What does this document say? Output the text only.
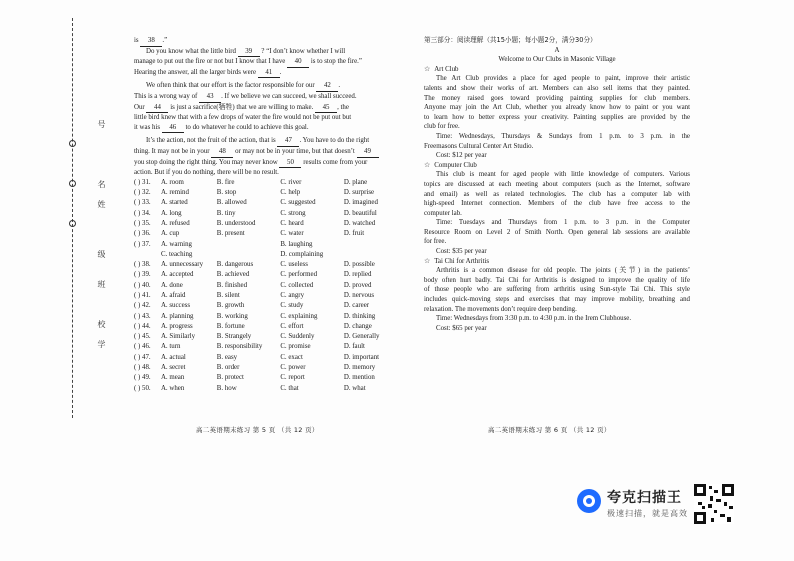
号
名
姓
级
班
校
学
is 38 .”
Do you know what the little bird 39 ? “I don’t know whether I will
manage to put out the fire or not but I know that I have 40 is to stop the fire.”
Hearing the answer, all the larger birds were 41 .
We often think that our effort is the factor responsible for our 42 .
This is a wrong way of 43 . If we believe we can succeed, we shall succeed.
Our 44 is just a sacrifice(牺牲) that we are willing to make. 45 , the
little bird knew that with a few drops of water the fire would not be put out but
it was his 46 to do whatever he could to achieve this goal.
It’s the action, not the fruit of the action, that is 47 . You have to do the right
thing. It may not be in your 48 or may not be in your time, but that doesn’t 49
you stop doing the right thing. You may never know 50 results come from your
action. But if you do nothing, there will be no result.
( ) 31.	A. room	B. fire	C. river	D. plane
( ) 32.	A. remind	B. stop	C. help	D. surprise
( ) 33.	A. started	B. allowed	C. suggested	D. imagined
( ) 34.	A. long	B. tiny	C. strong	D. beautiful
( ) 35.	A. refused	B. understood	C. heard	D. watched
( ) 36.	A. cup	B. present	C. water	D. fruit
( ) 37.	A. warning	B. laughing
C. teaching	D. complaining
( ) 38.	A. unnecessary	B. dangerous	C. useless	D. possible
( ) 39.	A. accepted	B. achieved	C. performed	D. replied
( ) 40.	A. done	B. finished	C. collected	D. proved
( ) 41.	A. afraid	B. silent	C. angry	D. nervous
( ) 42.	A. success	B. growth	C. study	D. career
( ) 43.	A. planning	B. working	C. explaining	D. thinking
( ) 44.	A. progress	B. fortune	C. effort	D. change
( ) 45.	A. Similarly	B. Strangely	C. Suddenly	D. Generally
( ) 46.	A. turn	B. responsibility	C. promise	D. fault
( ) 47.	A. actual	B. easy	C. exact	D. important
( ) 48.	A. secret	B. order	C. power	D. memory
( ) 49.	A. mean	B. protect	C. report	D. mention
( ) 50.	A. when	B. how	C. that	D. what
高二英语期末练习 第 5 页 （共 12 页）
第三部分：阅读理解（共15小题；每小题2分，满分30分）
A
Welcome to Our Clubs in Masonic Village
☆ Art Club
The Art Club provides a place for aged people to paint, improve their artistic
talents and show their works of art. Members can also sell items that they painted.
The money raised goes toward providing painting supplies for club members.
Anyone may join the Art Club, whether you already know how to paint or you want
to learn how to better express your creativity. Painting supplies are provided by the
club for free.
Time: Wednesdays, Thursdays & Sundays from 1 p.m. to 3 p.m. in the
Freemasons Cultural Center Art Studio.
Cost: $12 per year
☆ Computer Club
This club is meant for aged people with little knowledge of computers. Various
topics are discussed at each meeting about computers (such as the Internet, software
and email) as well as related technologies. The club has a computer lab with
high-speed Internet connection. Members of the club have free access to the
computer lab.
Time: Tuesdays and Thursdays from 1 p.m. to 3 p.m. in the Computer
Resource Room on Level 2 of Smith North. Open general lab sessions are available
for free.
Cost: $35 per year
☆ Tai Chi for Arthritis
Arthritis is a common disease for old people. The joints (关节) in the patients’
body often hurt badly. Tai Chi for Arthritis is designed to improve the quality of life
of those people who are suffering from arthritis using Sun-style Tai Chi. This style
includes quick-moving steps and exercises that may improve mobility, breathing and
relaxation. The movements don’t require deep bending.
Time: Wednesdays from 3:30 p.m. to 4:30 p.m. in the Irem Clubhouse.
Cost: $65 per year
高二英语期末练习 第 6 页 （共 12 页）
夸克扫描王
极速扫描，就是高效
